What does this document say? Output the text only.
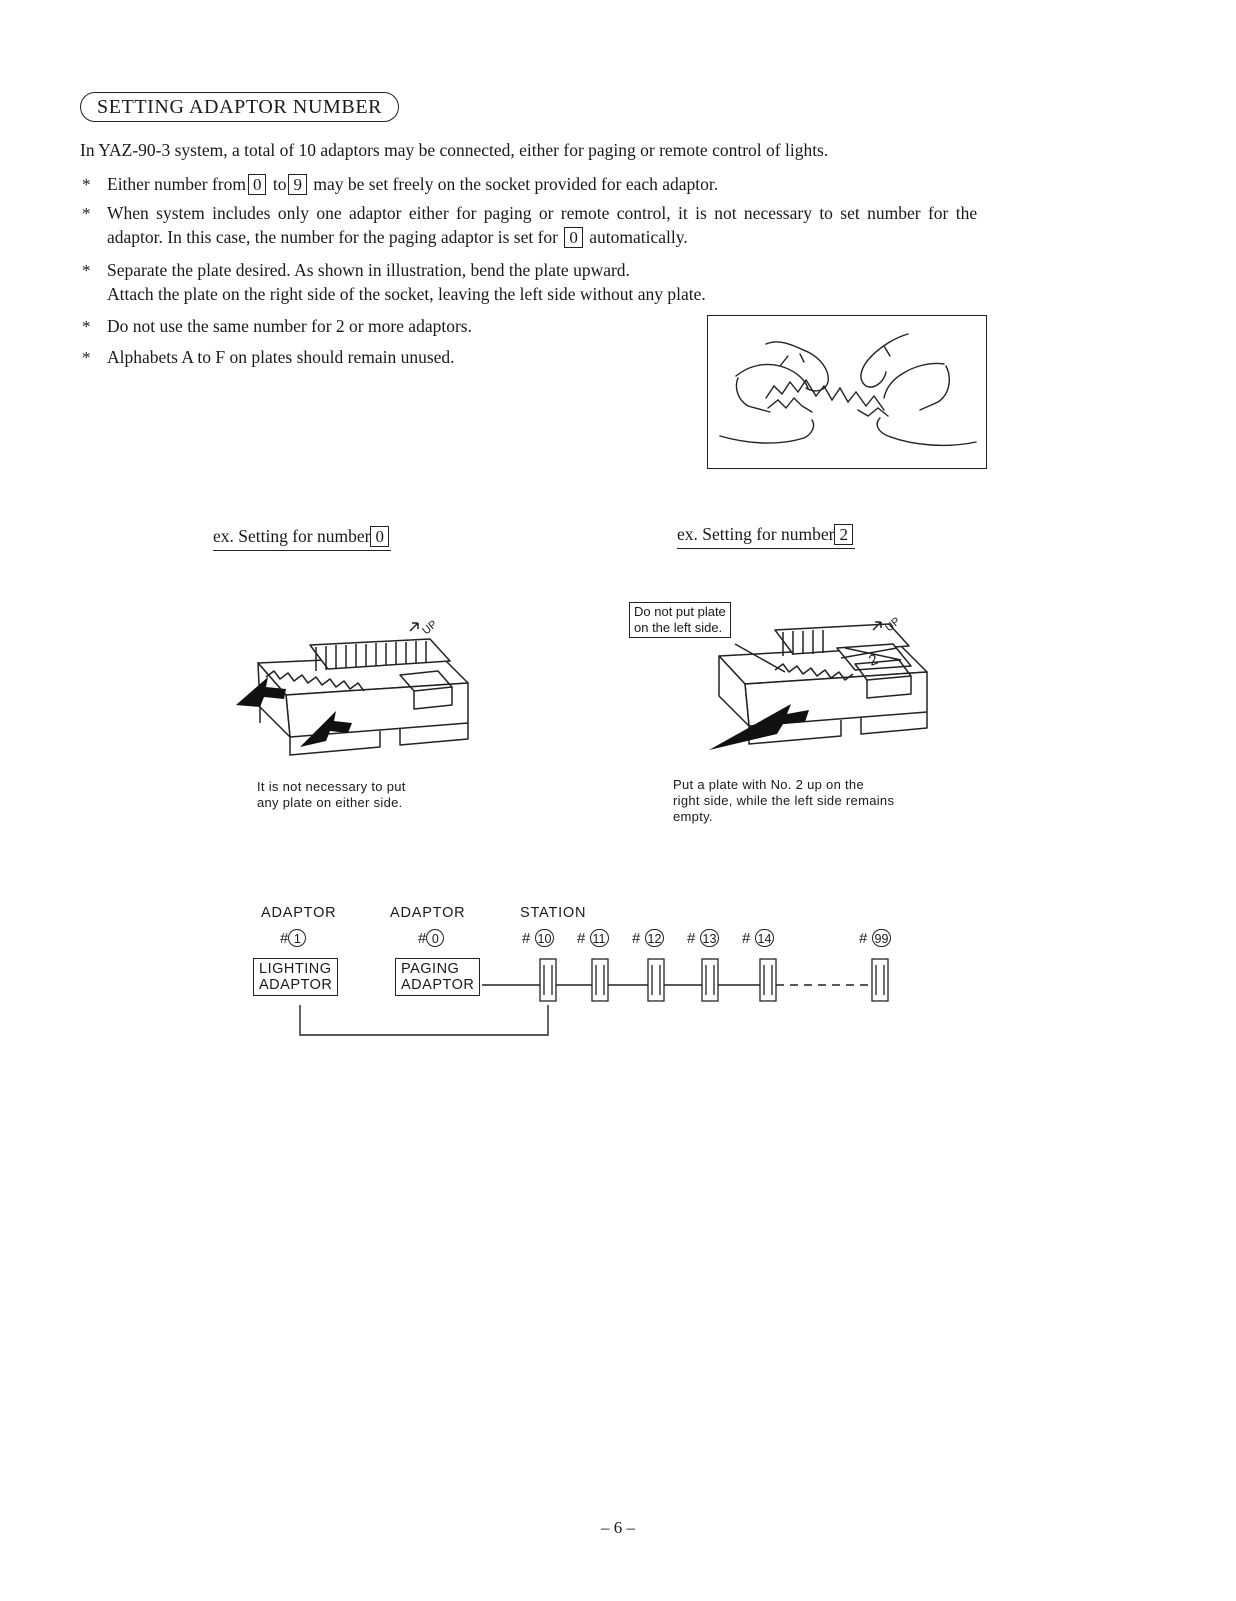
SETTING ADAPTOR NUMBER
In YAZ-90-3 system, a total of 10 adaptors may be connected, either for paging or remote control of lights.
* Either number from 0 to 9 may be set freely on the socket provided for each adaptor.
* When system includes only one adaptor either for paging or remote control, it is not necessary to set number for the
adaptor. In this case, the number for the paging adaptor is set for 0 automatically.
* Separate the plate desired. As shown in illustration, bend the plate upward.
Attach the plate on the right side of the socket, leaving the left side without any plate.
* Do not use the same number for 2 or more adaptors.
* Alphabets A to F on plates should remain unused.
ex. Setting for number 0	ex. Setting for number 2
UP	UP
2
Do not put plate
on the left side.
It is not necessary to put
any plate on either side.
Put a plate with No. 2 up on the
right side, while the left side remains
empty.
ADAPTOR	ADAPTOR	STATION
# 1	# 0	# 10 # 11 # 12 # 13 # 14	# 99
LIGHTING
ADAPTOR
PAGING
ADAPTOR
– 6 –
